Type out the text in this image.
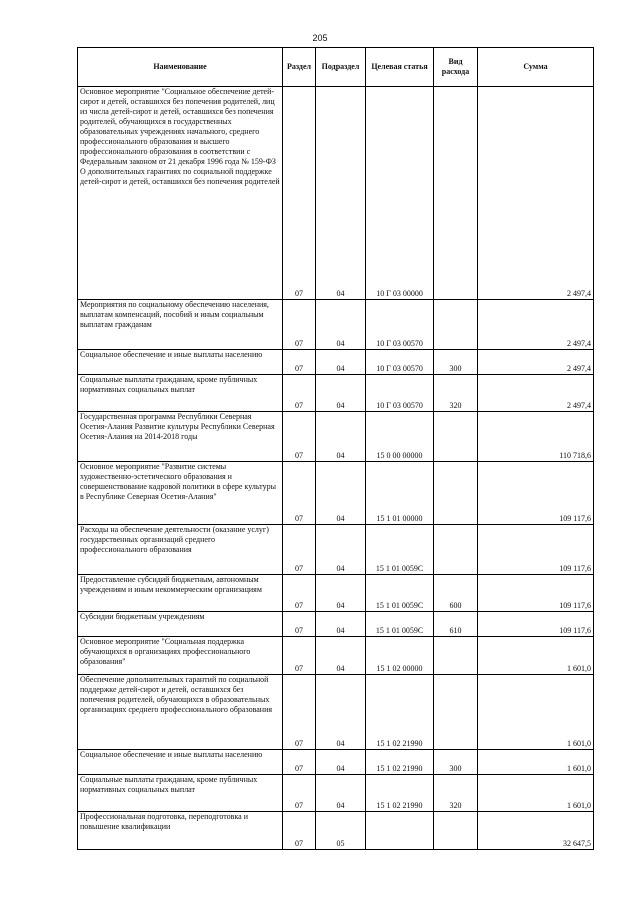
205
Наименование	Раздел	Подраздел	Целевая статья	Вид расхода	Сумма
Основное мероприятие "Социальное обеспечение детей-сирот и детей, оставшихся без попечения родителей, лиц из числа детей-сирот и детей, оставшихся без попечения родителей, обучающихся в государственных образовательных учреждениях начального, среднего профессионального образования и высшего профессионального образования в соответствии с Федеральным законом от 21 декабря 1996 года № 159-ФЗ О дополнительных гарантиях по социальной поддержке детей-сирот и детей, оставшихся без попечения родителей	07	04	10 Г 03 00000		2 497,4
Мероприятия по социальному обеспечению населения, выплатам компенсаций, пособий и иным социальным выплатам гражданам	07	04	10 Г 03 00570		2 497,4
Социальное обеспечение и иные выплаты населению	07	04	10 Г 03 00570	300	2 497,4
Социальные выплаты гражданам, кроме публичных нормативных социальных выплат	07	04	10 Г 03 00570	320	2 497,4
Государственная программа Республики Северная Осетия-Алания Развитие культуры Республики Северная Осетия-Алания на 2014-2018 годы	07	04	15 0 00 00000		110 718,6
Основное мероприятие "Развитие системы художественно-эстетического образования и совершенствование кадровой политики в сфере культуры в Республике Северная Осетия-Алания"	07	04	15 1 01 00000		109 117,6
Расходы на обеспечение деятельности (оказание услуг) государственных организаций среднего профессионального образования	07	04	15 1 01 0059С		109 117,6
Предоставление субсидий бюджетным, автономным учреждениям и иным некоммерческим организациям	07	04	15 1 01 0059С	600	109 117,6
Субсидии бюджетным учреждениям	07	04	15 1 01 0059С	610	109 117,6
Основное мероприятие "Социальная поддержка обучающихся в организациях профессионального образования"	07	04	15 1 02 00000		1 601,0
Обеспечение дополнительных гарантий по социальной поддержке детей-сирот и детей, оставшихся без попечения родителей, обучающихся в образовательных организациях среднего профессионального образования	07	04	15 1 02 21990		1 601,0
Социальное обеспечение и иные выплаты населению	07	04	15 1 02 21990	300	1 601,0
Социальные выплаты гражданам, кроме публичных нормативных социальных выплат	07	04	15 1 02 21990	320	1 601,0
Профессиональная подготовка, переподготовка и повышение квалификации	07	05			32 647,5
